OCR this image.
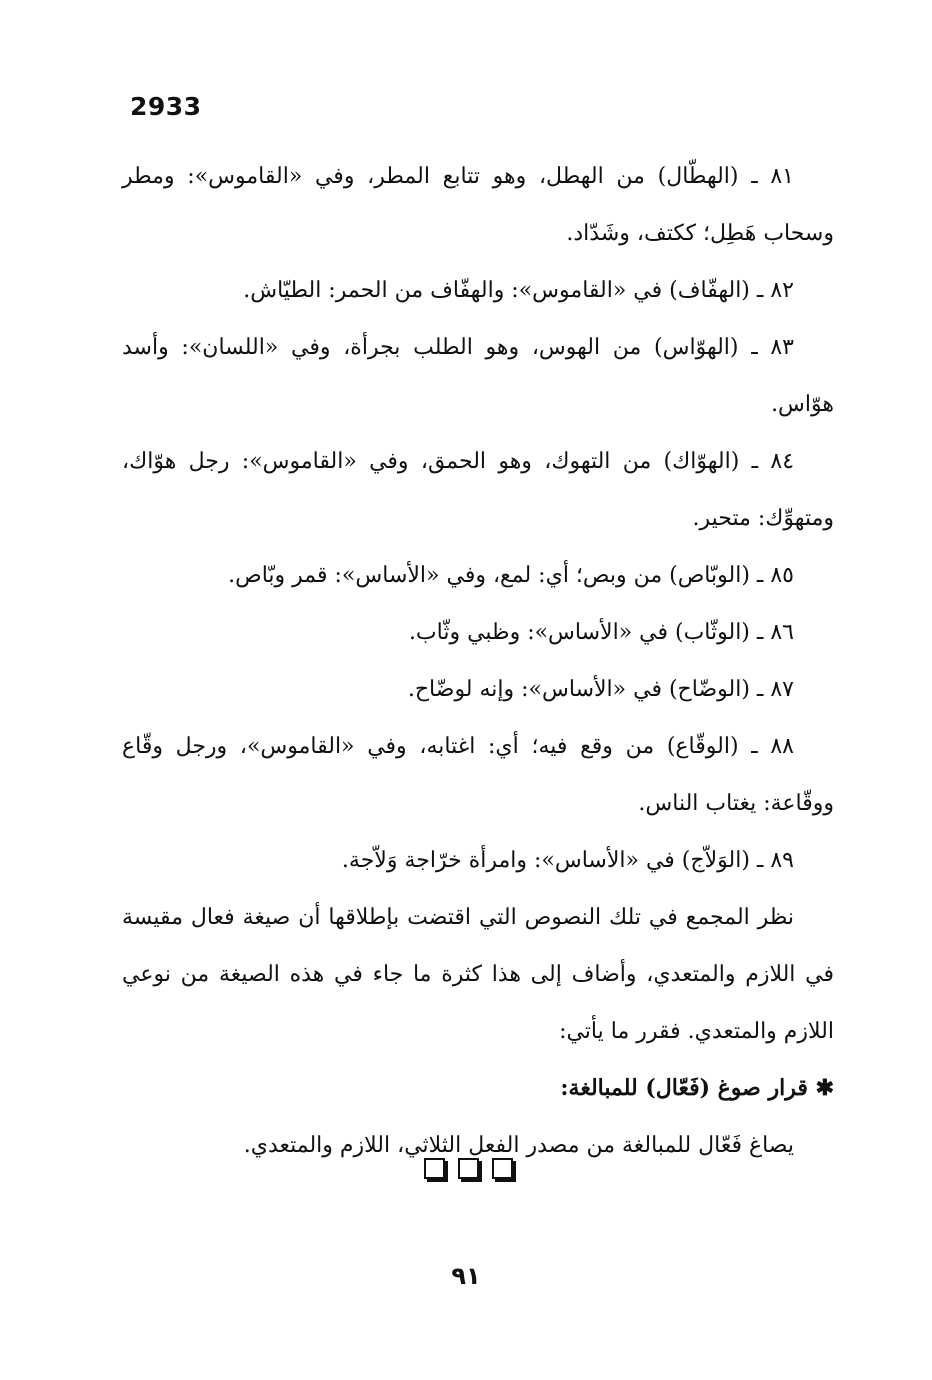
2933

٨١ ـ (الهطّال) من الهطل، وهو تتابع المطر، وفي «القاموس»: ومطر وسحاب هَطِل؛ ككتف، وشَدّاد.

٨٢ ـ (الهفّاف) في «القاموس»: والهفّاف من الحمر: الطيّاش.

٨٣ ـ (الهوّاس) من الهوس، وهو الطلب بجرأة، وفي «اللسان»: وأسد هوّاس.

٨٤ ـ (الهوّاك) من التهوك، وهو الحمق، وفي «القاموس»: رجل هوّاك، ومتهوِّك: متحير.

٨٥ ـ (الوبّاص) من وبص؛ أي: لمع، وفي «الأساس»: قمر وبّاص.

٨٦ ـ (الوثّاب) في «الأساس»: وظبي وثّاب.

٨٧ ـ (الوضّاح) في «الأساس»: وإنه لوضّاح.

٨٨ ـ (الوقّاع) من وقع فيه؛ أي: اغتابه، وفي «القاموس»، ورجل وقّاع ووقّاعة: يغتاب الناس.

٨٩ ـ (الوَلاّج) في «الأساس»: وامرأة خرّاجة وَلاّجة.

نظر المجمع في تلك النصوص التي اقتضت بإطلاقها أن صيغة فعال مقيسة في اللازم والمتعدي، وأضاف إلى هذا كثرة ما جاء في هذه الصيغة من نوعي اللازم والمتعدي. فقرر ما يأتي:

✱ قرار صوغ (فَعّال) للمبالغة:

يصاغ فَعّال للمبالغة من مصدر الفعل الثلاثي، اللازم والمتعدي.

٩١
